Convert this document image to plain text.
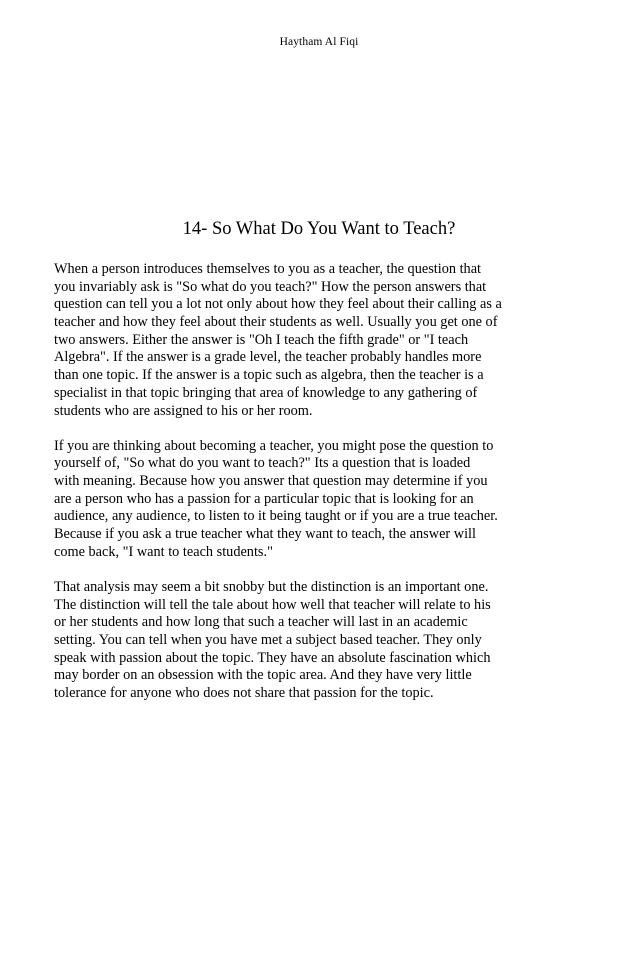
Haytham Al Fiqi
14- So What Do You Want to Teach?

When a person introduces themselves to you as a teacher, the question that
you invariably ask is "So what do you teach?" How the person answers that
question can tell you a lot not only about how they feel about their calling as a
teacher and how they feel about their students as well. Usually you get one of
two answers. Either the answer is "Oh I teach the fifth grade" or "I teach
Algebra". If the answer is a grade level, the teacher probably handles more
than one topic. If the answer is a topic such as algebra, then the teacher is a
specialist in that topic bringing that area of knowledge to any gathering of
students who are assigned to his or her room.

If you are thinking about becoming a teacher, you might pose the question to
yourself of, "So what do you want to teach?" Its a question that is loaded
with meaning. Because how you answer that question may determine if you
are a person who has a passion for a particular topic that is looking for an
audience, any audience, to listen to it being taught or if you are a true teacher.
Because if you ask a true teacher what they want to teach, the answer will
come back, "I want to teach students."

That analysis may seem a bit snobby but the distinction is an important one.
The distinction will tell the tale about how well that teacher will relate to his
or her students and how long that such a teacher will last in an academic
setting. You can tell when you have met a subject based teacher. They only
speak with passion about the topic. They have an absolute fascination which
may border on an obsession with the topic area. And they have very little
tolerance for anyone who does not share that passion for the topic.
